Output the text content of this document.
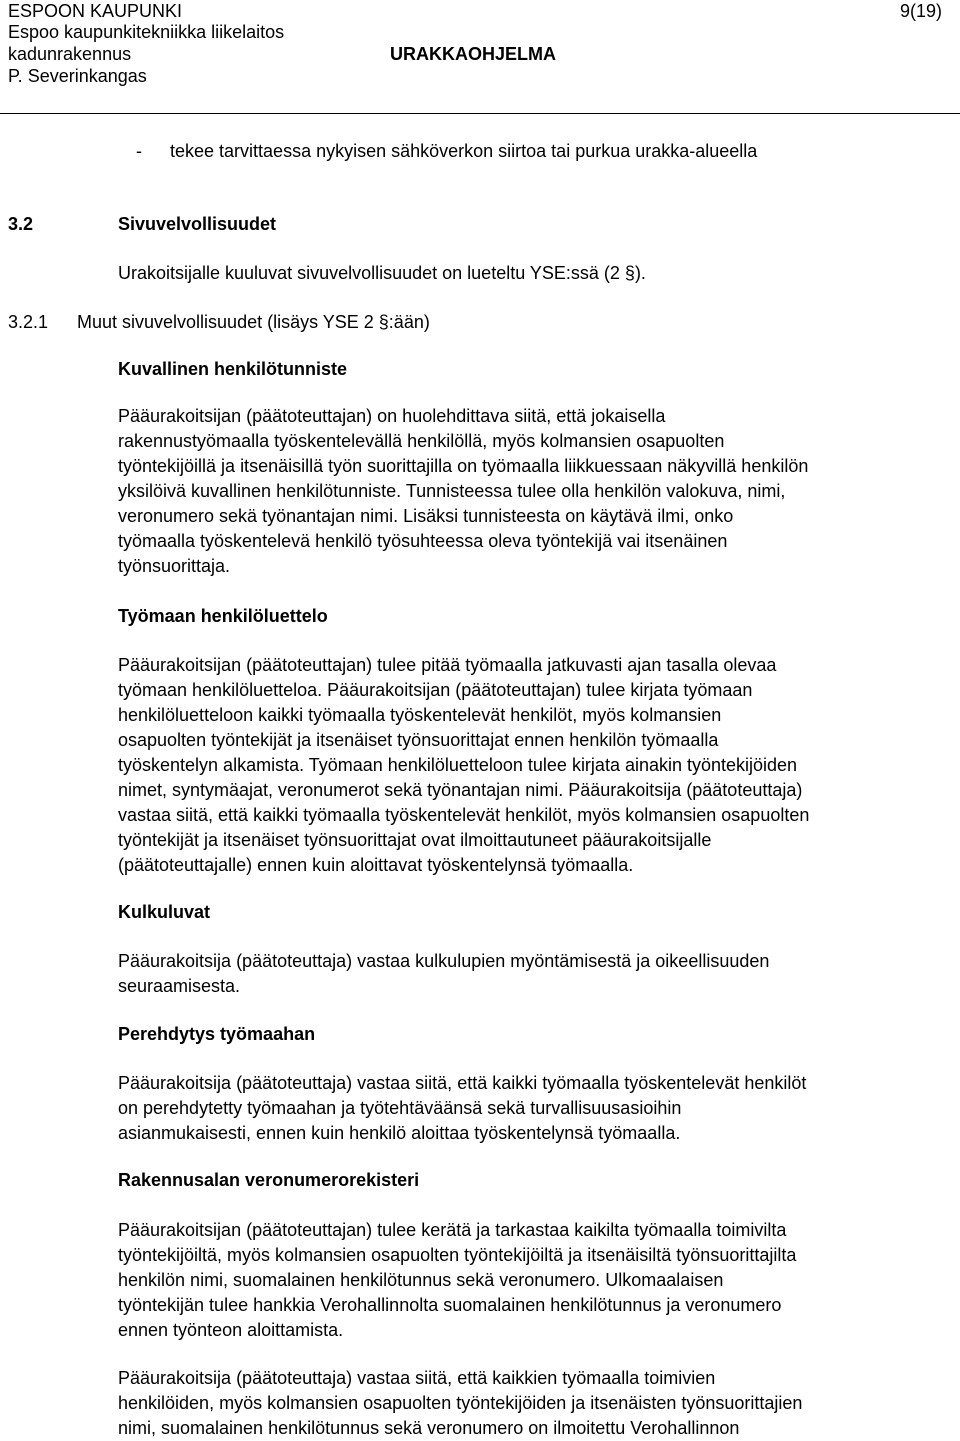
ESPOON KAUPUNKI
Espoo kaupunkitekniikka liikelaitos
kadunrakennus	URAKKAOHJELMA
P. Severinkangas
9(19)
- tekee tarvittaessa nykyisen sähköverkon siirtoa tai purkua urakka-alueella
3.2	Sivuvelvollisuudet
Urakoitsijalle kuuluvat sivuvelvollisuudet on lueteltu YSE:ssä (2 §).
3.2.1 Muut sivuvelvollisuudet (lisäys YSE 2 §:ään)
Kuvallinen henkilötunniste
Pääurakoitsijan (päätoteuttajan) on huolehdittava siitä, että jokaisella
rakennustyömaalla työskentelevällä henkilöllä, myös kolmansien osapuolten
työntekijöillä ja itsenäisillä työn suorittajilla on työmaalla liikkuessaan näkyvillä henkilön
yksilöivä kuvallinen henkilötunniste. Tunnisteessa tulee olla henkilön valokuva, nimi,
veronumero sekä työnantajan nimi. Lisäksi tunnisteesta on käytävä ilmi, onko
työmaalla työskentelevä henkilö työsuhteessa oleva työntekijä vai itsenäinen
työnsuorittaja.
Työmaan henkilöluettelo
Pääurakoitsijan (päätoteuttajan) tulee pitää työmaalla jatkuvasti ajan tasalla olevaa
työmaan henkilöluetteloa. Pääurakoitsijan (päätoteuttajan) tulee kirjata työmaan
henkilöluetteloon kaikki työmaalla työskentelevät henkilöt, myös kolmansien
osapuolten työntekijät ja itsenäiset työnsuorittajat ennen henkilön työmaalla
työskentelyn alkamista. Työmaan henkilöluetteloon tulee kirjata ainakin työntekijöiden
nimet, syntymäajat, veronumerot sekä työnantajan nimi. Pääurakoitsija (päätoteuttaja)
vastaa siitä, että kaikki työmaalla työskentelevät henkilöt, myös kolmansien osapuolten
työntekijät ja itsenäiset työnsuorittajat ovat ilmoittautuneet pääurakoitsijalle
(päätoteuttajalle) ennen kuin aloittavat työskentelynsä työmaalla.
Kulkuluvat
Pääurakoitsija (päätoteuttaja) vastaa kulkulupien myöntämisestä ja oikeellisuuden
seuraamisesta.
Perehdytys työmaahan
Pääurakoitsija (päätoteuttaja) vastaa siitä, että kaikki työmaalla työskentelevät henkilöt
on perehdytetty työmaahan ja työtehtäväänsä sekä turvallisuusasioihin
asianmukaisesti, ennen kuin henkilö aloittaa työskentelynsä työmaalla.
Rakennusalan veronumerorekisteri
Pääurakoitsijan (päätoteuttajan) tulee kerätä ja tarkastaa kaikilta työmaalla toimivilta
työntekijöiltä, myös kolmansien osapuolten työntekijöiltä ja itsenäisiltä työnsuorittajilta
henkilön nimi, suomalainen henkilötunnus sekä veronumero. Ulkomaalaisen
työntekijän tulee hankkia Verohallinnolta suomalainen henkilötunnus ja veronumero
ennen työnteon aloittamista.
Pääurakoitsija (päätoteuttaja) vastaa siitä, että kaikkien työmaalla toimivien
henkilöiden, myös kolmansien osapuolten työntekijöiden ja itsenäisten työnsuorittajien
nimi, suomalainen henkilötunnus sekä veronumero on ilmoitettu Verohallinnon
